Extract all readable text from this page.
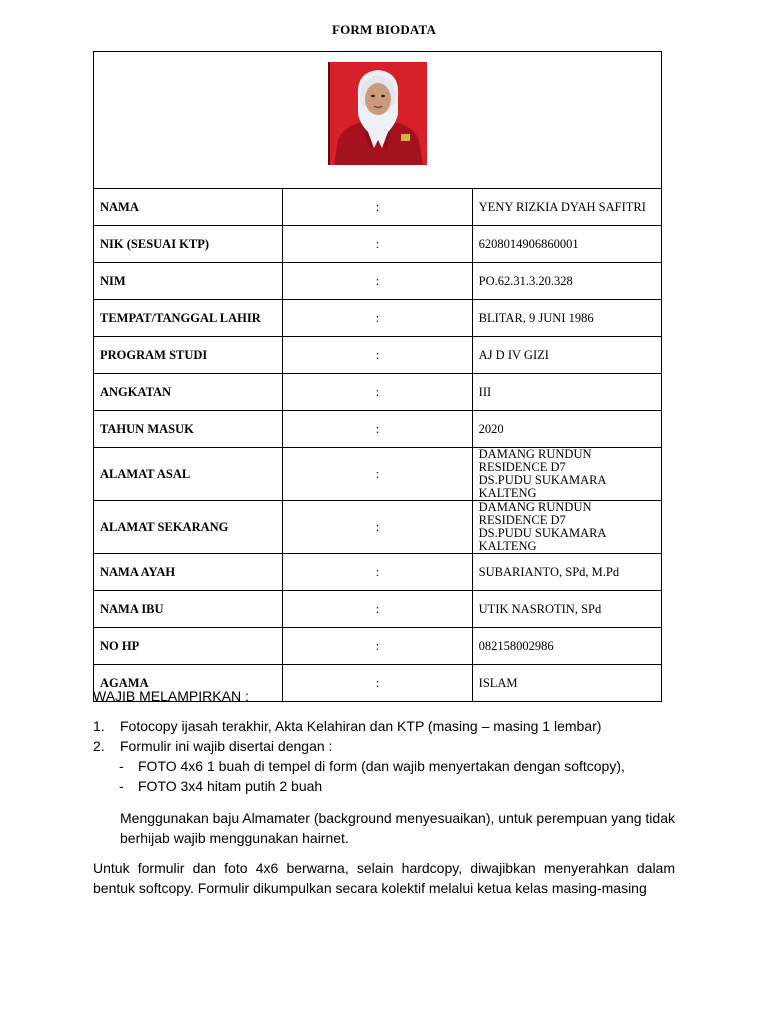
FORM BIODATA

NAMA	:	YENY RIZKIA DYAH SAFITRI
NIK (SESUAI KTP)	:	6208014906860001
NIM	:	PO.62.31.3.20.328
TEMPAT/TANGGAL LAHIR	:	BLITAR, 9 JUNI 1986
PROGRAM STUDI	:	AJ D IV GIZI
ANGKATAN	:	III
TAHUN MASUK	:	2020
ALAMAT ASAL	:	DAMANG RUNDUN RESIDENCE D7
DS.PUDU SUKAMARA KALTENG

ALAMAT SEKARANG	:	DAMANG RUNDUN RESIDENCE D7
DS.PUDU SUKAMARA KALTENG

NAMA AYAH	:	SUBARIANTO, SPd, M.Pd
NAMA IBU	:	UTIK NASROTIN, SPd
NO HP	:	082158002986
AGAMA	:	ISLAM

WAJIB MELAMPIRKAN :

1. Fotocopy ijasah terakhir, Akta Kelahiran dan KTP (masing – masing 1 lembar)

2. Formulir ini wajib disertai dengan :

- FOTO 4x6 1 buah di tempel di form (dan wajib menyertakan dengan softcopy),

- FOTO 3x4 hitam putih 2 buah

Menggunakan baju Almamater (background menyesuaikan), untuk perempuan yang tidak berhijab wajib menggunakan hairnet.

Untuk formulir dan foto 4x6 berwarna, selain hardcopy, diwajibkan menyerahkan dalam bentuk softcopy. Formulir dikumpulkan secara kolektif melalui ketua kelas masing-masing
